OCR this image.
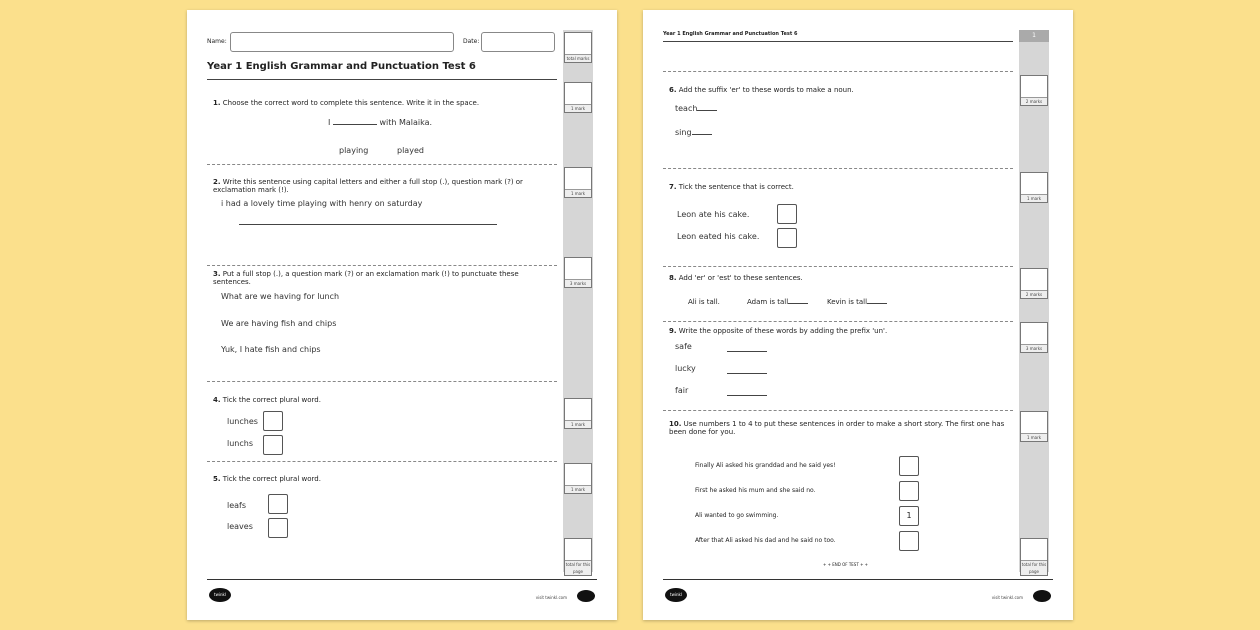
Name:	Date:
Year 1 English Grammar and Punctuation Test 6
total marks
1 mark
1 mark
3 marks
1 mark
1 mark
total for this page
1. Choose the correct word to complete this sentence. Write it in the space.
I	with Malaika.
playing	played
2. Write this sentence using capital letters and either a full stop (.), question mark (?) or exclamation mark (!).
i had a lovely time playing with henry on saturday
3. Put a full stop (.), a question mark (?) or an exclamation mark (!) to punctuate these sentences.
What are we having for lunch
We are having fish and chips
Yuk, I hate fish and chips
4. Tick the correct plural word.
lunches
lunchs
5. Tick the correct plural word.
leafs
leaves
twinkl
visit twinkl.com
Year 1 English Grammar and Punctuation Test 6	1
2 marks
1 mark
2 marks
3 marks
1 mark
total for this page
6. Add the suffix 'er' to these words to make a noun.
teach
sing
7. Tick the sentence that is correct.
Leon ate his cake.
Leon eated his cake.
8. Add 'er' or 'est' to these sentences.
Ali is tall.	Adam is tall	Kevin is tall
9. Write the opposite of these words by adding the prefix 'un'.
safe
lucky
fair
10. Use numbers 1 to 4 to put these sentences in order to make a short story. The first one has been done for you.
Finally Ali asked his granddad and he said yes!
First he asked his mum and she said no.
Ali wanted to go swimming.	1
After that Ali asked his dad and he said no too.
+ + END OF TEST + +
twinkl
visit twinkl.com
